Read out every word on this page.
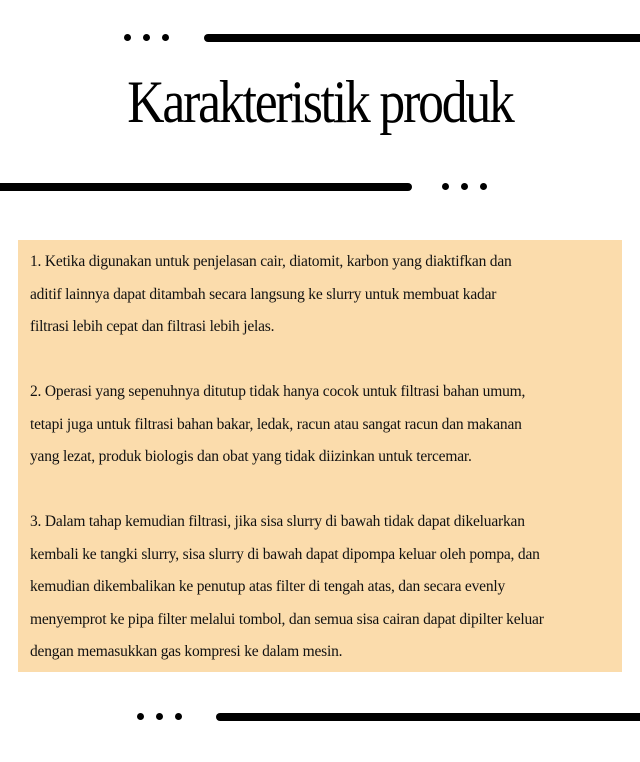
Karakteristik produk

1. Ketika digunakan untuk penjelasan cair, diatomit, karbon yang diaktifkan dan
aditif lainnya dapat ditambah secara langsung ke slurry untuk membuat kadar
filtrasi lebih cepat dan filtrasi lebih jelas.

2. Operasi yang sepenuhnya ditutup tidak hanya cocok untuk filtrasi bahan umum,
tetapi juga untuk filtrasi bahan bakar, ledak, racun atau sangat racun dan makanan
yang lezat, produk biologis dan obat yang tidak diizinkan untuk tercemar.

3. Dalam tahap kemudian filtrasi, jika sisa slurry di bawah tidak dapat dikeluarkan
kembali ke tangki slurry, sisa slurry di bawah dapat dipompa keluar oleh pompa, dan
kemudian dikembalikan ke penutup atas filter di tengah atas, dan secara evenly
menyemprot ke pipa filter melalui tombol, dan semua sisa cairan dapat dipilter keluar
dengan memasukkan gas kompresi ke dalam mesin.
